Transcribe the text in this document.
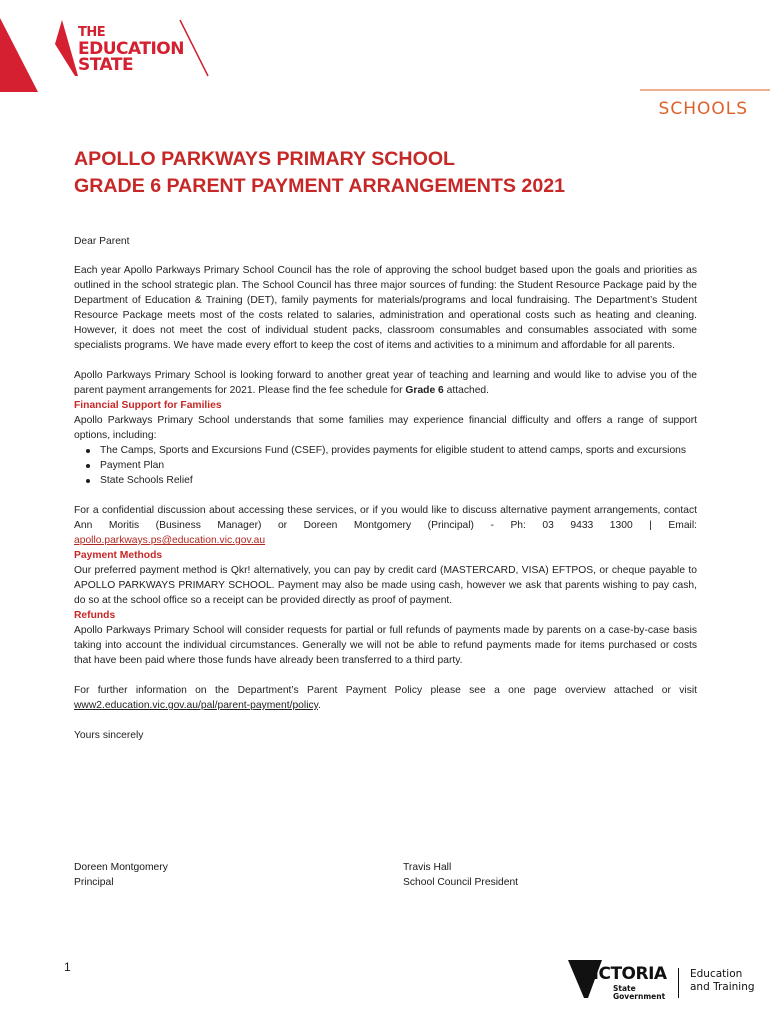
THE
EDUCATION
STATE
SCHOOLS
APOLLO PARKWAYS PRIMARY SCHOOL
GRADE 6 PARENT PAYMENT ARRANGEMENTS 2021

Dear Parent

Each year Apollo Parkways Primary School Council has the role of approving the school budget based upon the goals and priorities as outlined in the school strategic plan. The School Council has three major sources of funding: the Student Resource Package paid by the Department of Education & Training (DET), family payments for materials/programs and local fundraising. The Department’s Student Resource Package meets most of the costs related to salaries, administration and operational costs such as heating and cleaning. However, it does not meet the cost of individual student packs, classroom consumables and consumables associated with some specialists programs. We have made every effort to keep the cost of items and activities to a minimum and affordable for all parents.

Apollo Parkways Primary School is looking forward to another great year of teaching and learning and would like to advise you of the parent payment arrangements for 2021. Please find the fee schedule for Grade 6 attached.

Financial Support for Families

Apollo Parkways Primary School understands that some families may experience financial difficulty and offers a range of support options, including:

The Camps, Sports and Excursions Fund (CSEF), provides payments for eligible student to attend camps, sports and excursions
Payment Plan
State Schools Relief

For a confidential discussion about accessing these services, or if you would like to discuss alternative payment arrangements, contact Ann Moritis (Business Manager) or Doreen Montgomery (Principal) - Ph: 03 9433 1300 | Email: apollo.parkways.ps@education.vic.gov.au

Payment Methods

Our preferred payment method is Qkr! alternatively, you can pay by credit card (MASTERCARD, VISA) EFTPOS, or cheque payable to APOLLO PARKWAYS PRIMARY SCHOOL. Payment may also be made using cash, however we ask that parents wishing to pay cash, do so at the school office so a receipt can be provided directly as proof of payment.

Refunds

Apollo Parkways Primary School will consider requests for partial or full refunds of payments made by parents on a case-by-case basis taking into account the individual circumstances. Generally we will not be able to refund payments made for items purchased or costs that have been paid where those funds have already been transferred to a third party.

For further information on the Department’s Parent Payment Policy please see a one page overview attached or visit www2.education.vic.gov.au/pal/parent-payment/policy.

Yours sincerely

Doreen Montgomery
Principal
Travis Hall
School Council President
1	VICTORIA
State
Government
Education
and Training
